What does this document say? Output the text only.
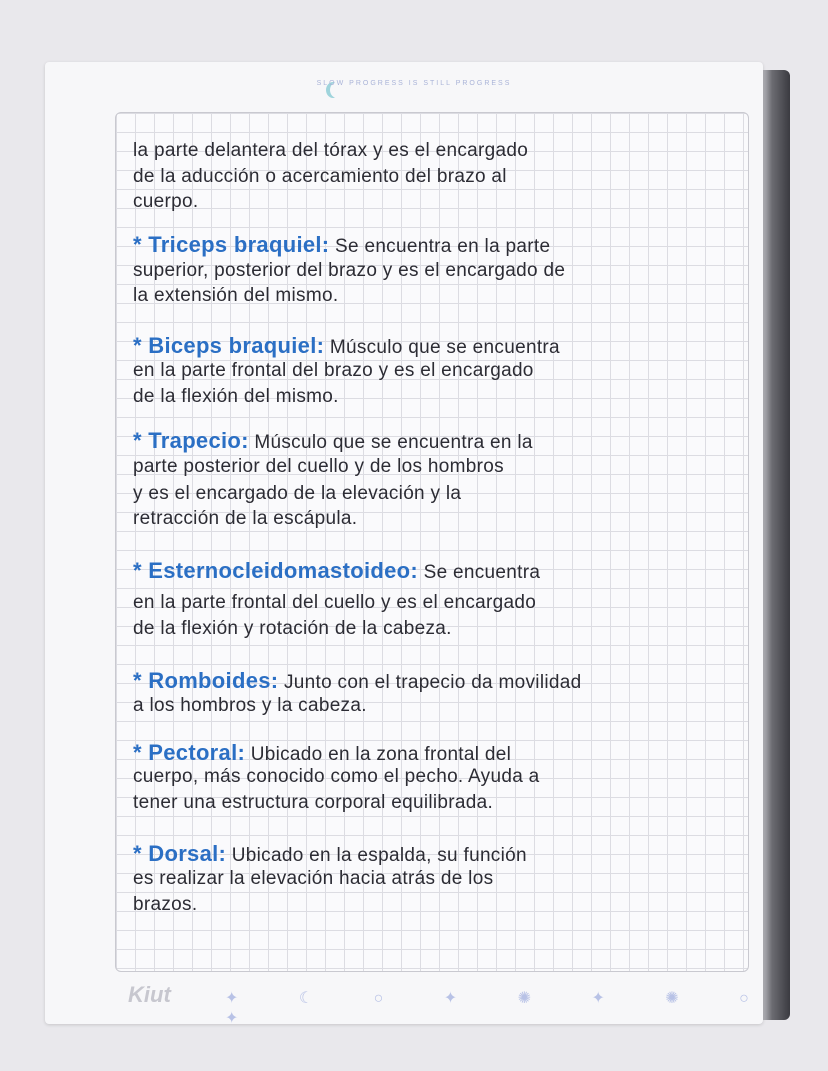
SLOW PROGRESS IS STILL PROGRESS
la parte delantera del tórax y es el encargado
de la aducción o acercamiento del brazo al
cuerpo.
* Triceps braquiel: Se encuentra en la parte
superior, posterior del brazo y es el encargado de
la extensión del mismo.
* Biceps braquiel: Músculo que se encuentra
en la parte frontal del brazo y es el encargado
de la flexión del mismo.
* Trapecio: Músculo que se encuentra en la
parte posterior del cuello y de los hombros
y es el encargado de la elevación y la
retracción de la escápula.
* Esternocleidomastoideo: Se encuentra
en la parte frontal del cuello y es el encargado
de la flexión y rotación de la cabeza.
* Romboides: Junto con el trapecio da movilidad
a los hombros y la cabeza.
* Pectoral: Ubicado en la zona frontal del
cuerpo, más conocido como el pecho. Ayuda a
tener una estructura corporal equilibrada.
* Dorsal: Ubicado en la espalda, su función
es realizar la elevación hacia atrás de los
brazos.
Kiut	✦ ☾ ○ ✦ ✺ ✦ ✺ ○ ✦
